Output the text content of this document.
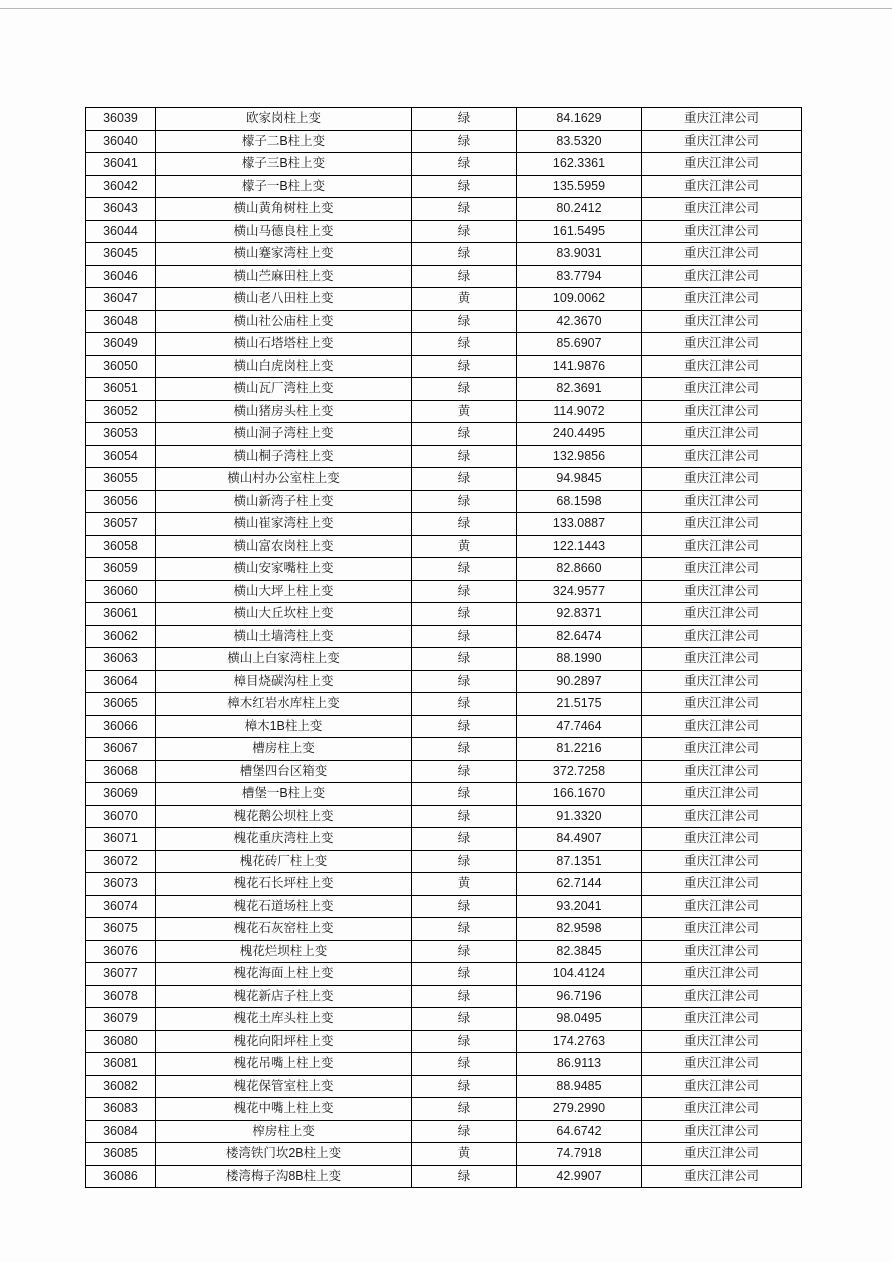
36039	欧家岗柱上变	绿	84.1629	重庆江津公司
36040	檬子二B柱上变	绿	83.5320	重庆江津公司
36041	檬子三B柱上变	绿	162.3361	重庆江津公司
36042	檬子一B柱上变	绿	135.5959	重庆江津公司
36043	横山黄角树柱上变	绿	80.2412	重庆江津公司
36044	横山马德良柱上变	绿	161.5495	重庆江津公司
36045	横山蹇家湾柱上变	绿	83.9031	重庆江津公司
36046	横山苎麻田柱上变	绿	83.7794	重庆江津公司
36047	横山老八田柱上变	黄	109.0062	重庆江津公司
36048	横山社公庙柱上变	绿	42.3670	重庆江津公司
36049	横山石塔塔柱上变	绿	85.6907	重庆江津公司
36050	横山白虎岗柱上变	绿	141.9876	重庆江津公司
36051	横山瓦厂湾柱上变	绿	82.3691	重庆江津公司
36052	横山猪房头柱上变	黄	114.9072	重庆江津公司
36053	横山洞子湾柱上变	绿	240.4495	重庆江津公司
36054	横山桐子湾柱上变	绿	132.9856	重庆江津公司
36055	横山村办公室柱上变	绿	94.9845	重庆江津公司
36056	横山新湾子柱上变	绿	68.1598	重庆江津公司
36057	横山崔家湾柱上变	绿	133.0887	重庆江津公司
36058	横山富农岗柱上变	黄	122.1443	重庆江津公司
36059	横山安家嘴柱上变	绿	82.8660	重庆江津公司
36060	横山大坪上柱上变	绿	324.9577	重庆江津公司
36061	横山大丘坎柱上变	绿	92.8371	重庆江津公司
36062	横山土墙湾柱上变	绿	82.6474	重庆江津公司
36063	横山上白家湾柱上变	绿	88.1990	重庆江津公司
36064	樟目烧碳沟柱上变	绿	90.2897	重庆江津公司
36065	樟木红岩水库柱上变	绿	21.5175	重庆江津公司
36066	樟木1B柱上变	绿	47.7464	重庆江津公司
36067	槽房柱上变	绿	81.2216	重庆江津公司
36068	槽堡四台区箱变	绿	372.7258	重庆江津公司
36069	槽堡一B柱上变	绿	166.1670	重庆江津公司
36070	槐花鹅公坝柱上变	绿	91.3320	重庆江津公司
36071	槐花重庆湾柱上变	绿	84.4907	重庆江津公司
36072	槐花砖厂柱上变	绿	87.1351	重庆江津公司
36073	槐花石长坪柱上变	黄	62.7144	重庆江津公司
36074	槐花石道场柱上变	绿	93.2041	重庆江津公司
36075	槐花石灰窑柱上变	绿	82.9598	重庆江津公司
36076	槐花烂坝柱上变	绿	82.3845	重庆江津公司
36077	槐花海面上柱上变	绿	104.4124	重庆江津公司
36078	槐花新店子柱上变	绿	96.7196	重庆江津公司
36079	槐花土库头柱上变	绿	98.0495	重庆江津公司
36080	槐花向阳坪柱上变	绿	174.2763	重庆江津公司
36081	槐花吊嘴上柱上变	绿	86.9113	重庆江津公司
36082	槐花保管室柱上变	绿	88.9485	重庆江津公司
36083	槐花中嘴上柱上变	绿	279.2990	重庆江津公司
36084	榨房柱上变	绿	64.6742	重庆江津公司
36085	楼湾铁门坎2B柱上变	黄	74.7918	重庆江津公司
36086	楼湾梅子沟8B柱上变	绿	42.9907	重庆江津公司
